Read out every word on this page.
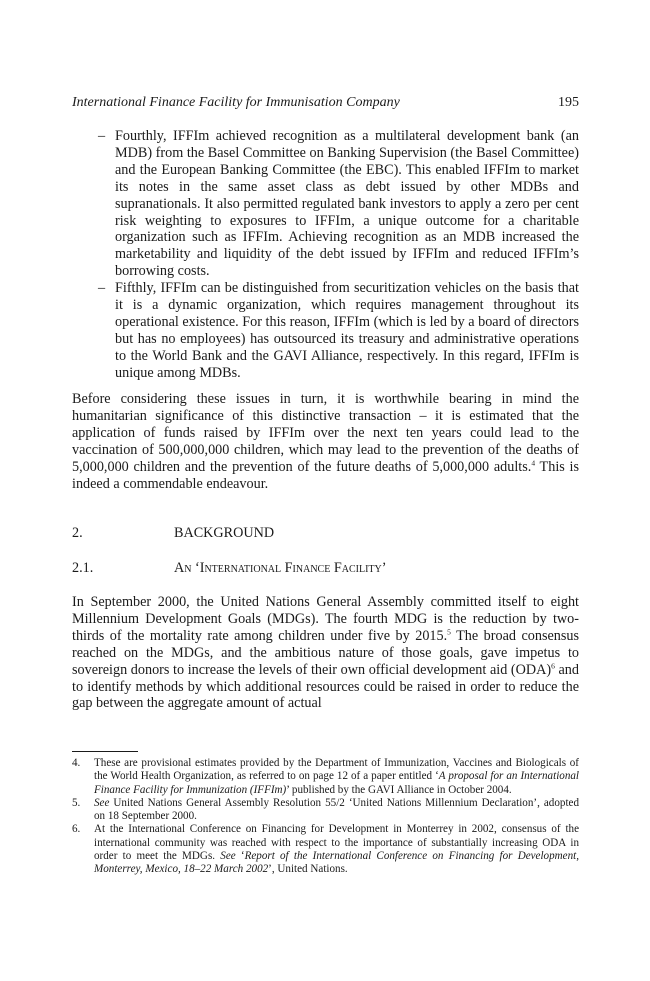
International Finance Facility for Immunisation Company	195
– Fourthly, IFFIm achieved recognition as a multilateral development bank (an MDB) from the Basel Committee on Banking Supervision (the Basel Committee) and the European Banking Committee (the EBC). This enabled IFFIm to market its notes in the same asset class as debt issued by other MDBs and supranationals. It also permitted regulated bank investors to apply a zero per cent risk weighting to exposures to IFFIm, a unique outcome for a charitable organization such as IFFIm. Achieving recognition as an MDB increased the marketability and liquidity of the debt issued by IFFIm and reduced IFFIm’s borrowing costs.
– Fifthly, IFFIm can be distinguished from securitization vehicles on the basis that it is a dynamic organization, which requires management throughout its operational existence. For this reason, IFFIm (which is led by a board of directors but has no employees) has outsourced its treasury and administrative operations to the World Bank and the GAVI Alliance, respectively. In this regard, IFFIm is unique among MDBs.

Before considering these issues in turn, it is worthwhile bearing in mind the humanitarian significance of this distinctive transaction – it is estimated that the application of funds raised by IFFIm over the next ten years could lead to the vaccination of 500,000,000 children, which may lead to the prevention of the deaths of 5,000,000 children and the prevention of the future deaths of 5,000,000 adults.$^4$ This is indeed a commendable endeavour.

2.	BACKGROUND
2.1.	An ‘International Finance Facility’

In September 2000, the United Nations General Assembly committed itself to eight Millennium Development Goals (MDGs). The fourth MDG is the reduction by two-thirds of the mortality rate among children under five by 2015.$^5$ The broad consensus reached on the MDGs, and the ambitious nature of those goals, gave impetus to sovereign donors to increase the levels of their own official development aid (ODA)$^6$ and to identify methods by which additional resources could be raised in order to reduce the gap between the aggregate amount of actual

4. These are provisional estimates provided by the Department of Immunization, Vaccines and Biologicals of the World Health Organization, as referred to on page 12 of a paper entitled ‘A proposal for an International Finance Facility for Immunization (IFFIm)’ published by the GAVI Alliance in October 2004.
5. See United Nations General Assembly Resolution 55/2 ‘United Nations Millennium Declaration’, adopted on 18 September 2000.
6. At the International Conference on Financing for Development in Monterrey in 2002, consensus of the international community was reached with respect to the importance of substantially increasing ODA in order to meet the MDGs. See ‘Report of the International Conference on Financing for Development, Monterrey, Mexico, 18–22 March 2002’, United Nations.
